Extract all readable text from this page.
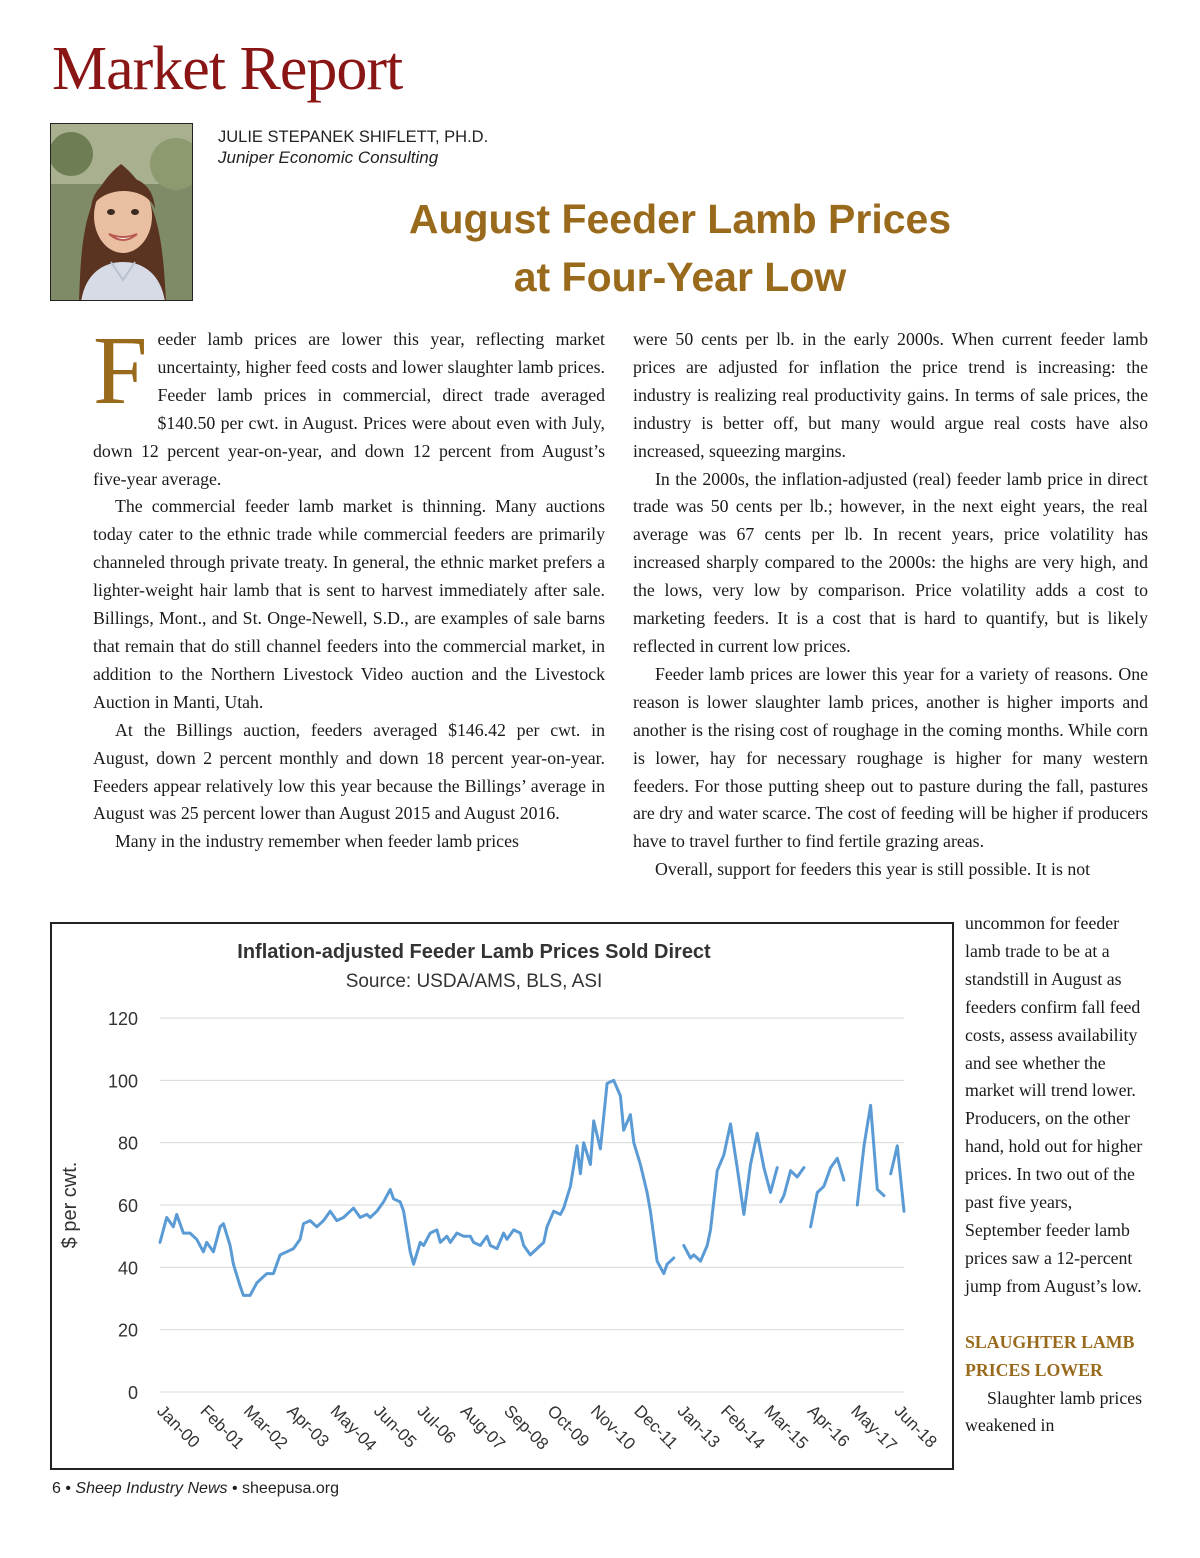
Market Report
JULIE STEPANEK SHIFLETT, PH.D.
Juniper Economic Consulting
August Feeder Lamb Prices
at Four-Year Low

Feeder lamb prices are lower this year, reflecting market uncertainty, higher feed costs and lower slaughter lamb prices. Feeder lamb prices in commercial, direct trade averaged $140.50 per cwt. in August. Prices were about even with July, down 12 percent year-on-year, and down 12 percent from August’s five-year average.

The commercial feeder lamb market is thinning. Many auctions today cater to the ethnic trade while commercial feeders are primarily channeled through private treaty. In general, the ethnic market prefers a lighter-weight hair lamb that is sent to harvest immediately after sale. Billings, Mont., and St. Onge-Newell, S.D., are examples of sale barns that remain that do still channel feeders into the commercial market, in addition to the Northern Livestock Video auction and the Livestock Auction in Manti, Utah.

At the Billings auction, feeders averaged $146.42 per cwt. in August, down 2 percent monthly and down 18 percent year-on-year. Feeders appear relatively low this year because the Billings’ average in August was 25 percent lower than August 2015 and August 2016.

Many in the industry remember when feeder lamb prices

were 50 cents per lb. in the early 2000s. When current feeder lamb prices are adjusted for inflation the price trend is increasing: the industry is realizing real productivity gains. In terms of sale prices, the industry is better off, but many would argue real costs have also increased, squeezing margins.

In the 2000s, the inflation-adjusted (real) feeder lamb price in direct trade was 50 cents per lb.; however, in the next eight years, the real average was 67 cents per lb. In recent years, price volatility has increased sharply compared to the 2000s: the highs are very high, and the lows, very low by comparison. Price volatility adds a cost to marketing feeders. It is a cost that is hard to quantify, but is likely reflected in current low prices.

Feeder lamb prices are lower this year for a variety of reasons. One reason is lower slaughter lamb prices, another is higher imports and another is the rising cost of roughage in the coming months. While corn is lower, hay for necessary roughage is higher for many western feeders. For those putting sheep out to pasture during the fall, pastures are dry and water scarce. The cost of feeding will be higher if producers have to travel further to find fertile grazing areas.

Overall, support for feeders this year is still possible. It is not

uncommon for feeder lamb trade to be at a standstill in August as feeders confirm fall feed costs, assess availability and see whether the market will trend lower. Producers, on the other hand, hold out for higher prices. In two out of the past five years, September feeder lamb prices saw a 12-percent jump from August’s low.

SLAUGHTER LAMB PRICES LOWER

Slaughter lamb prices weakened in

Inflation-adjusted Feeder Lamb Prices Sold Direct
Source: USDA/AMS, BLS, ASI
0
20
40
60
80
100
120
$ per cwt.
Jan-00
Feb-01
Mar-02
Apr-03
May-04
Jun-05
Jul-06
Aug-07
Sep-08
Oct-09
Nov-10
Dec-11
Jan-13
Feb-14
Mar-15
Apr-16
May-17
Jun-18
6 • Sheep Industry News • sheepusa.org
